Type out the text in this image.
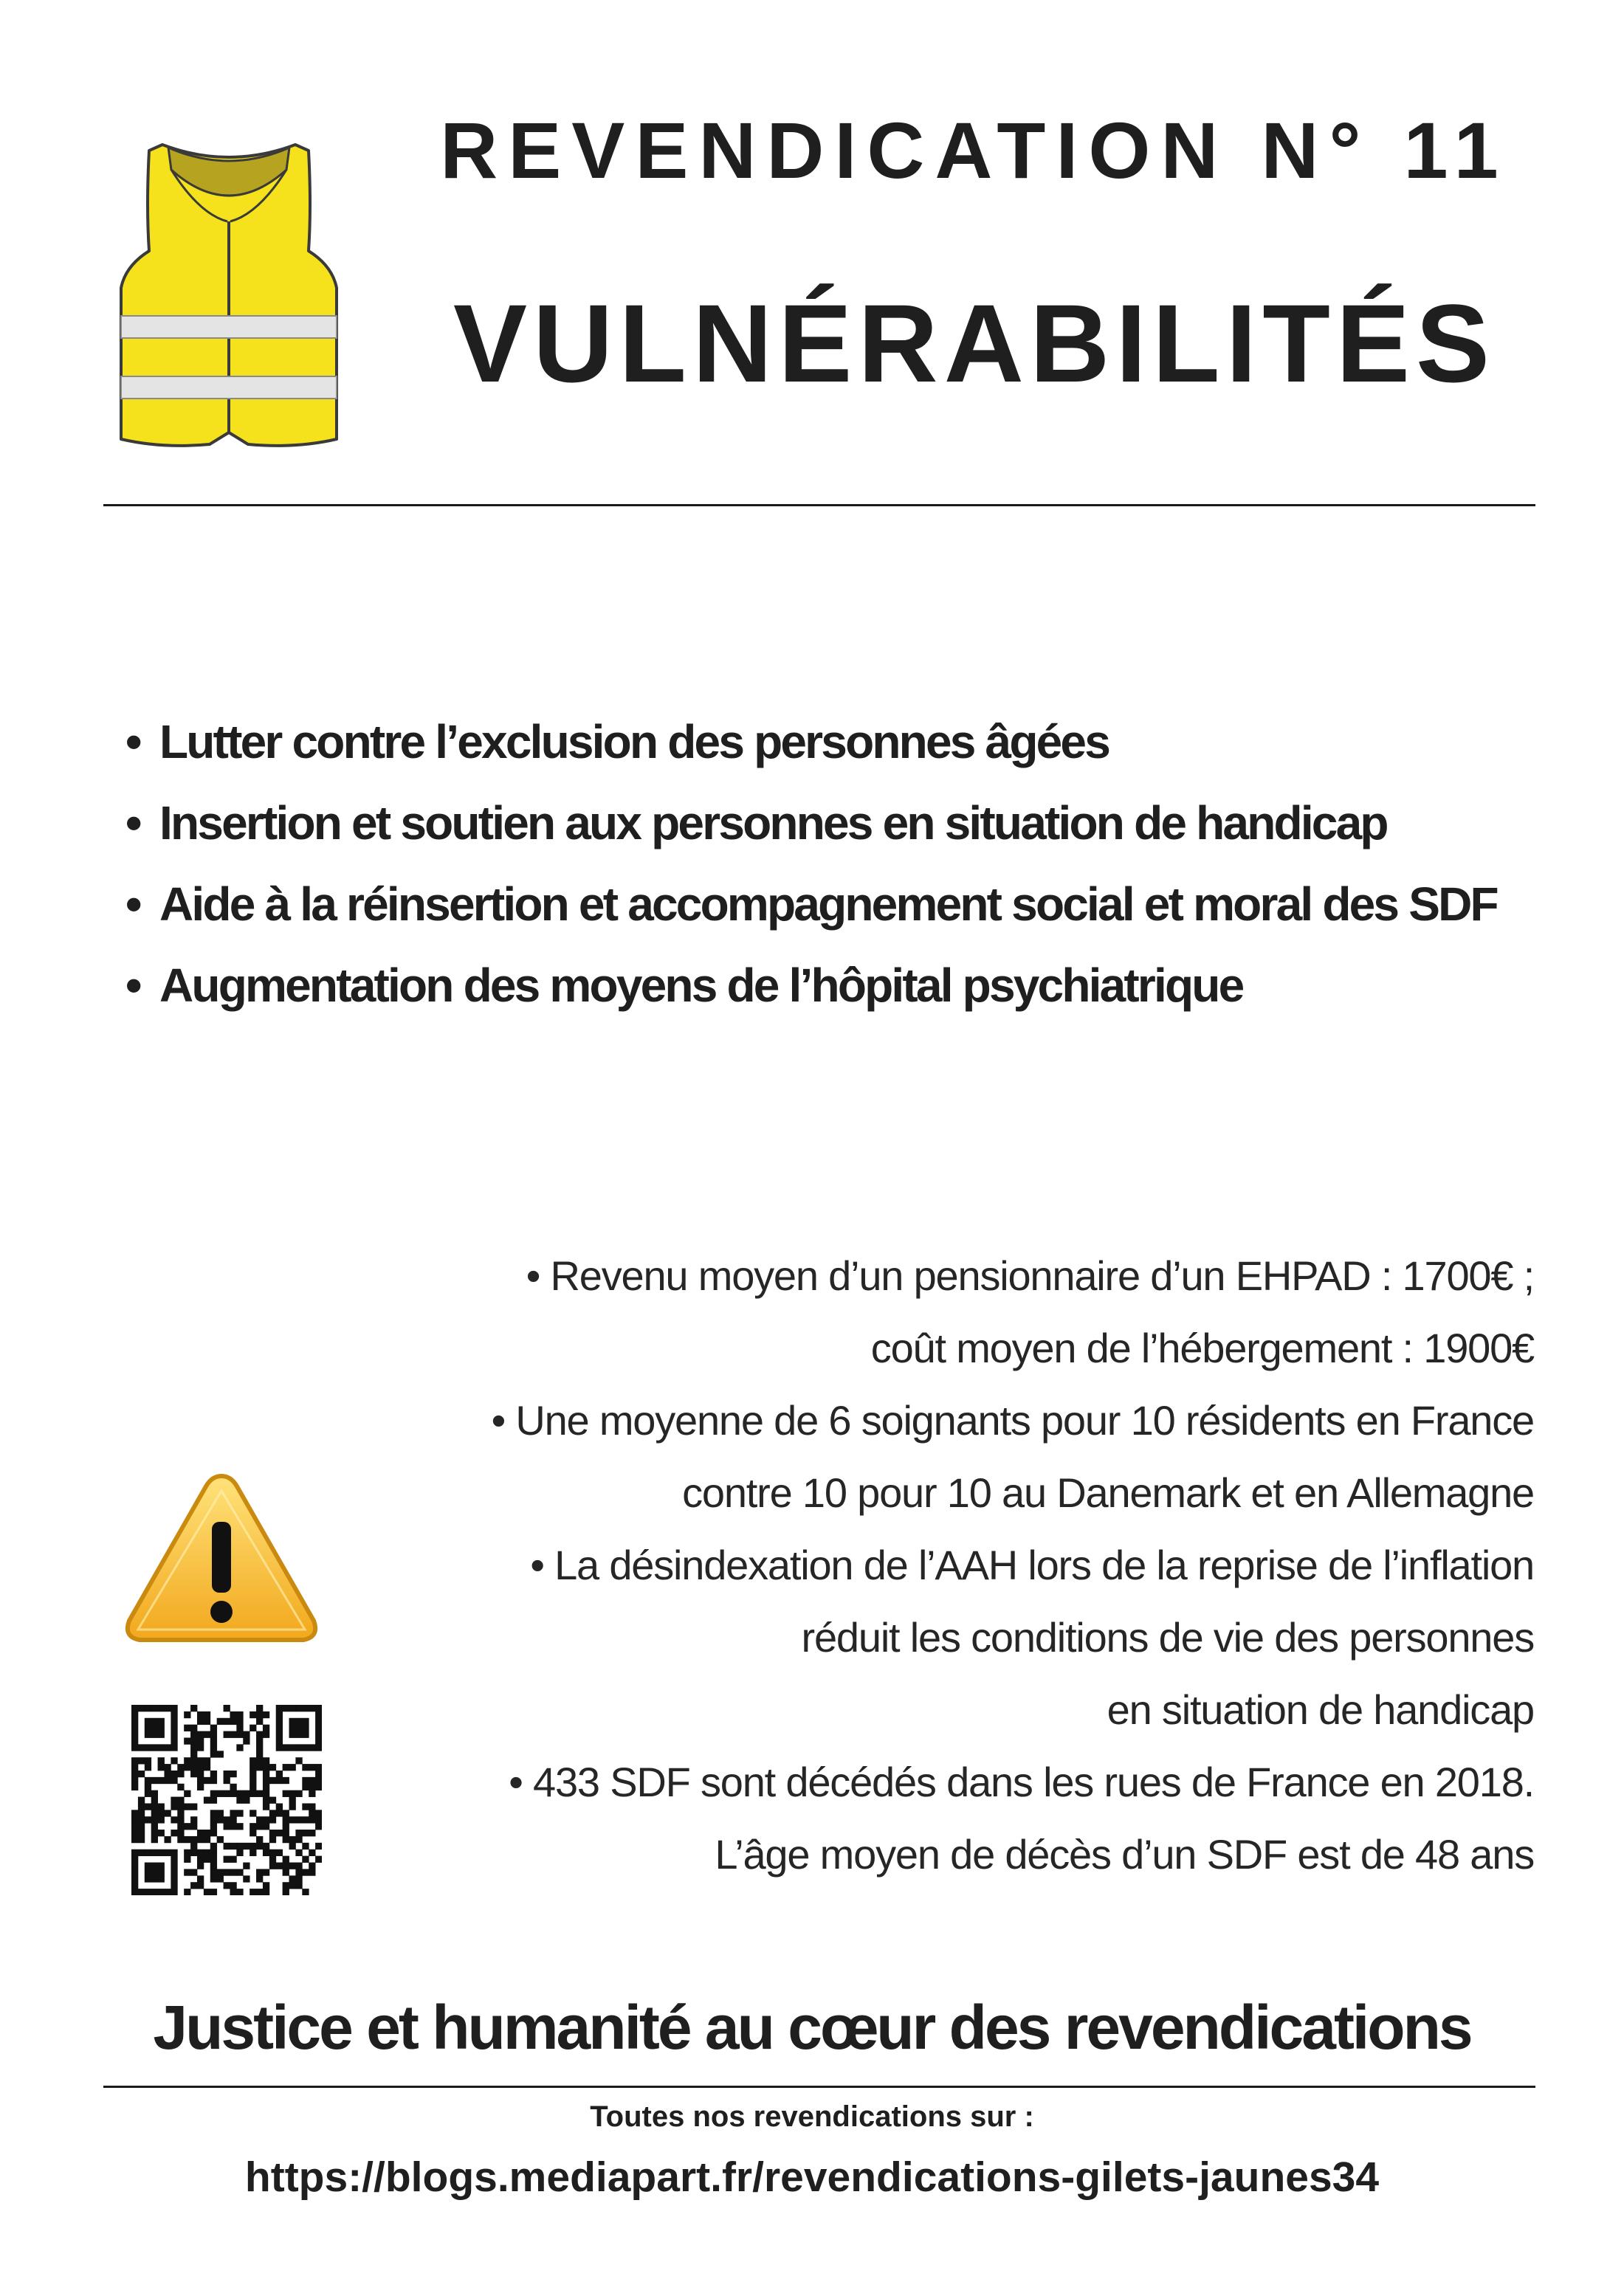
REVENDICATION N° 11
VULNÉRABILITÉS
• Lutter contre l’exclusion des personnes âgées
• Insertion et soutien aux personnes en situation de handicap
• Aide à la réinsertion et accompagnement social et moral des SDF
• Augmentation des moyens de l’hôpital psychiatrique
• Revenu moyen d’un pensionnaire d’un EHPAD : 1700€ ;
coût moyen de l’hébergement : 1900€
• Une moyenne de 6 soignants pour 10 résidents en France
contre 10 pour 10 au Danemark et en Allemagne
• La désindexation de l’AAH lors de la reprise de l’inflation
réduit les conditions de vie des personnes
en situation de handicap
• 433 SDF sont décédés dans les rues de France en 2018.
L’âge moyen de décès d’un SDF est de 48 ans
Justice et humanité au cœur des revendications
Toutes nos revendications sur :
https://blogs.mediapart.fr/revendications-gilets-jaunes34
